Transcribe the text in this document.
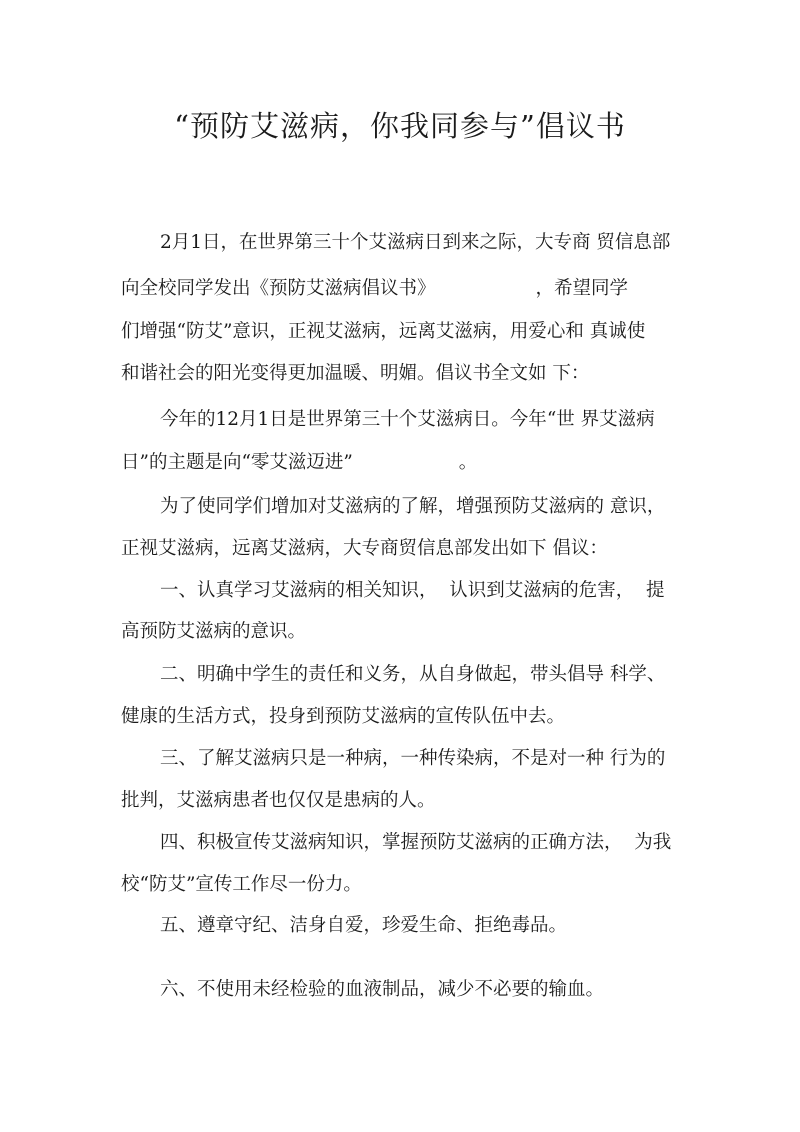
“预防艾滋病，你我同参与”倡议书
2月1日，在世界第三十个艾滋病日到来之际，大专商 贸信息部
向全校同学发出《预防艾滋病倡议书》                 ，希望同学
们增强“防艾”意识，正视艾滋病，远离艾滋病，用爱心和 真诚使
和谐社会的阳光变得更加温暖、明媚。倡议书全文如 下：
今年的12月1日是世界第三十个艾滋病日。今年“世 界艾滋病
日”的主题是向“零艾滋迈进”                  。
为了使同学们增加对艾滋病的了解，增强预防艾滋病的 意识，
正视艾滋病，远离艾滋病，大专商贸信息部发出如下 倡议：
一、认真学习艾滋病的相关知识，  认识到艾滋病的危害，  提
高预防艾滋病的意识。
二、明确中学生的责任和义务，从自身做起，带头倡导 科学、
健康的生活方式，投身到预防艾滋病的宣传队伍中去。
三、了解艾滋病只是一种病，一种传染病，不是对一种 行为的
批判，艾滋病患者也仅仅是患病的人。
四、积极宣传艾滋病知识，掌握预防艾滋病的正确方法，  为我
校“防艾”宣传工作尽一份力。
五、遵章守纪、洁身自爱，珍爱生命、拒绝毒品。
六、不使用未经检验的血液制品，减少不必要的输血。
